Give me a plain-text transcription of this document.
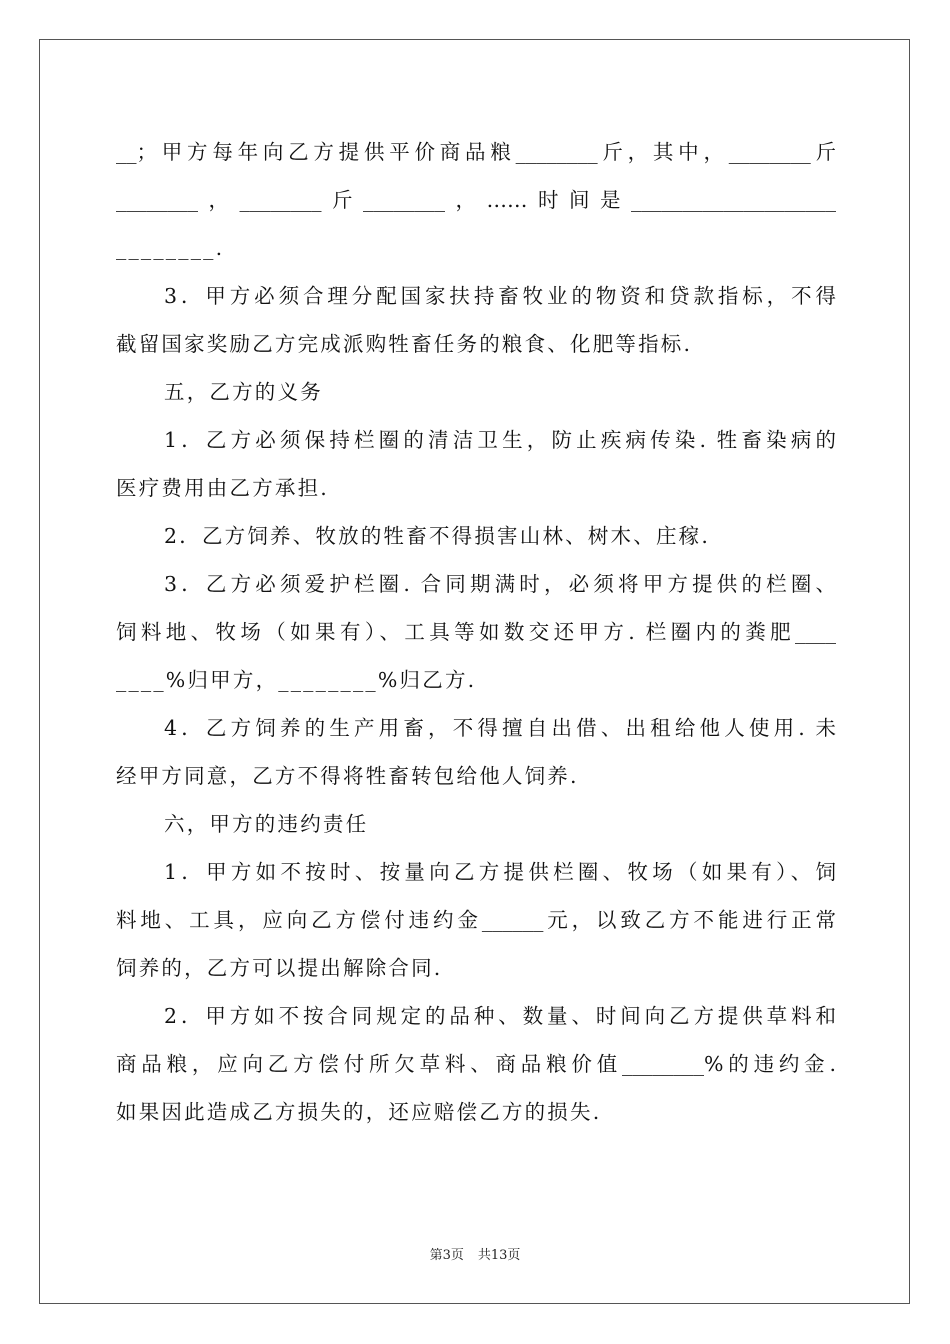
__；甲方每年向乙方提供平价商品粮________斤，其中，________斤
________，________斤________，……时间是____________________
________.
3．甲方必须合理分配国家扶持畜牧业的物资和贷款指标，不得
截留国家奖励乙方完成派购牲畜任务的粮食、化肥等指标.
五，乙方的义务
1．乙方必须保持栏圈的清洁卫生，防止疾病传染. 牲畜染病的
医疗费用由乙方承担.
2．乙方饲养、牧放的牲畜不得损害山林、树木、庄稼.
3．乙方必须爱护栏圈. 合同期满时，必须将甲方提供的栏圈、
饲料地、牧场（如果有）、工具等如数交还甲方. 栏圈内的粪肥____
____%归甲方，________%归乙方.
4．乙方饲养的生产用畜，不得擅自出借、出租给他人使用. 未
经甲方同意，乙方不得将牲畜转包给他人饲养.
六，甲方的违约责任
1．甲方如不按时、按量向乙方提供栏圈、牧场（如果有）、饲
料地、工具，应向乙方偿付违约金______元，以致乙方不能进行正常
饲养的，乙方可以提出解除合同.
2．甲方如不按合同规定的品种、数量、时间向乙方提供草料和
商品粮，应向乙方偿付所欠草料、商品粮价值________%的违约金.
如果因此造成乙方损失的，还应赔偿乙方的损失.
第3页 共13页
